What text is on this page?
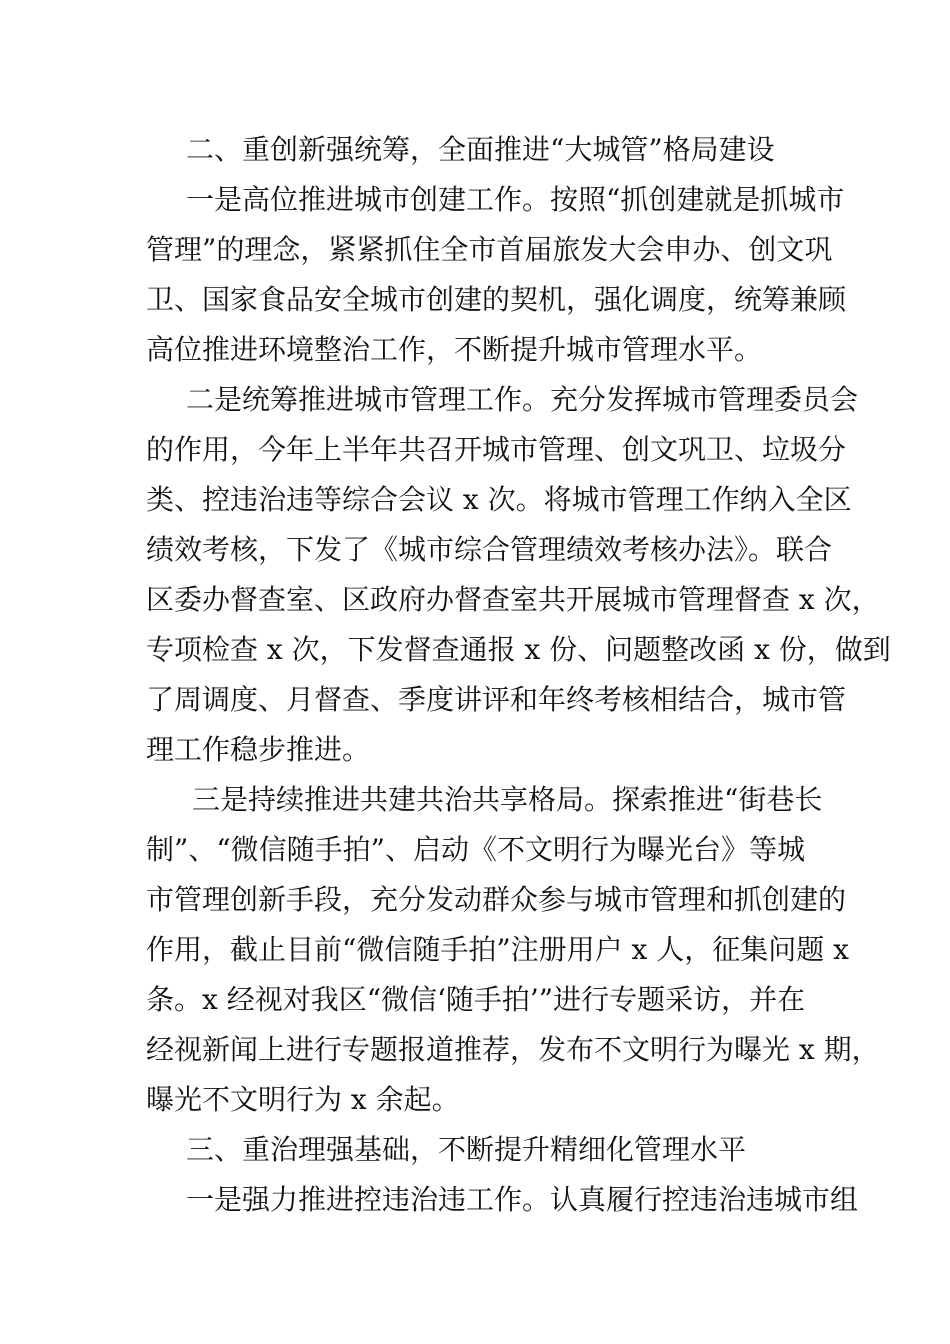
二、重创新强统筹，全面推进“大城管”格局建设

一是高位推进城市创建工作。按照“抓创建就是抓城市

管理”的理念，紧紧抓住全市首届旅发大会申办、创文巩

卫、国家食品安全城市创建的契机，强化调度，统筹兼顾

高位推进环境整治工作，不断提升城市管理水平。

二是统筹推进城市管理工作。充分发挥城市管理委员会

的作用，今年上半年共召开城市管理、创文巩卫、垃圾分

类、控违治违等综合会议 x 次。将城市管理工作纳入全区

绩效考核，下发了《城市综合管理绩效考核办法》。联合

区委办督查室、区政府办督查室共开展城市管理督查 x 次，

专项检查 x 次，下发督查通报 x 份、问题整改函 x 份，做到

了周调度、月督查、季度讲评和年终考核相结合，城市管

理工作稳步推进。

三是持续推进共建共治共享格局。探索推进“街巷长

制”、“微信随手拍”、启动《不文明行为曝光台》等城

市管理创新手段，充分发动群众参与城市管理和抓创建的

作用，截止目前“微信随手拍”注册用户 x 人，征集问题 x

条。x 经视对我区“微信‘随手拍’”进行专题采访，并在

经视新闻上进行专题报道推荐，发布不文明行为曝光 x 期，

曝光不文明行为 x 余起。

三、重治理强基础，不断提升精细化管理水平

一是强力推进控违治违工作。认真履行控违治违城市组
